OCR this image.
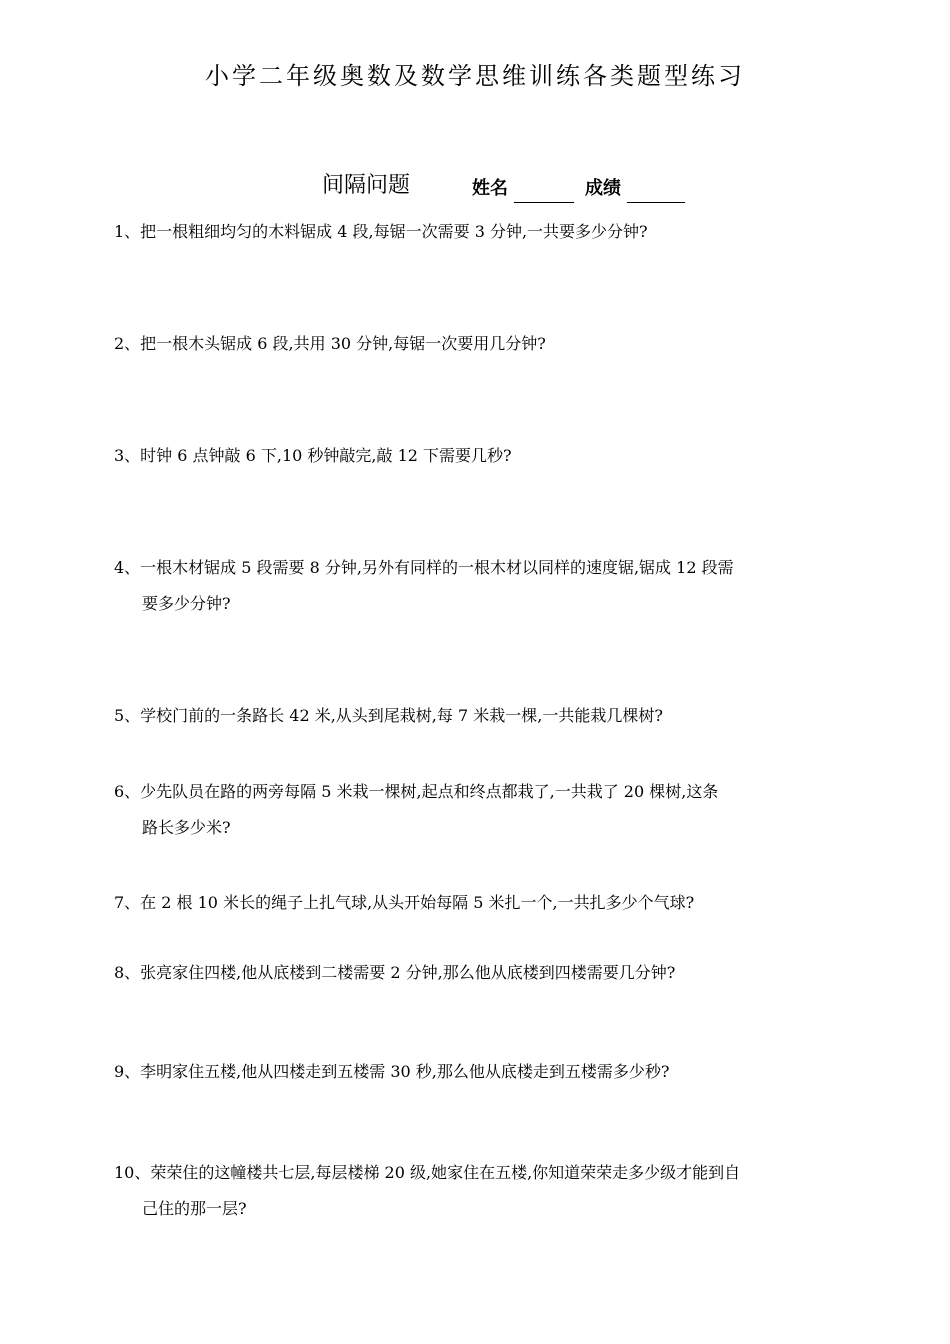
小学二年级奥数及数学思维训练各类题型练习
间隔问题	姓名	成绩
1、把一根粗细均匀的木料锯成 4 段,每锯一次需要 3 分钟,一共要多少分钟?
2、把一根木头锯成 6 段,共用 30 分钟,每锯一次要用几分钟?
3、时钟 6 点钟敲 6 下,10 秒钟敲完,敲 12 下需要几秒?
4、一根木材锯成 5 段需要 8 分钟,另外有同样的一根木材以同样的速度锯,锯成 12 段需
要多少分钟?
5、学校门前的一条路长 42 米,从头到尾栽树,每 7 米栽一棵,一共能栽几棵树?
6、少先队员在路的两旁每隔 5 米栽一棵树,起点和终点都栽了,一共栽了 20 棵树,这条
路长多少米?
7、在 2 根 10 米长的绳子上扎气球,从头开始每隔 5 米扎一个,一共扎多少个气球?
8、张亮家住四楼,他从底楼到二楼需要 2 分钟,那么他从底楼到四楼需要几分钟?
9、李明家住五楼,他从四楼走到五楼需 30 秒,那么他从底楼走到五楼需多少秒?
10、荣荣住的这幢楼共七层,每层楼梯 20 级,她家住在五楼,你知道荣荣走多少级才能到自
己住的那一层?
